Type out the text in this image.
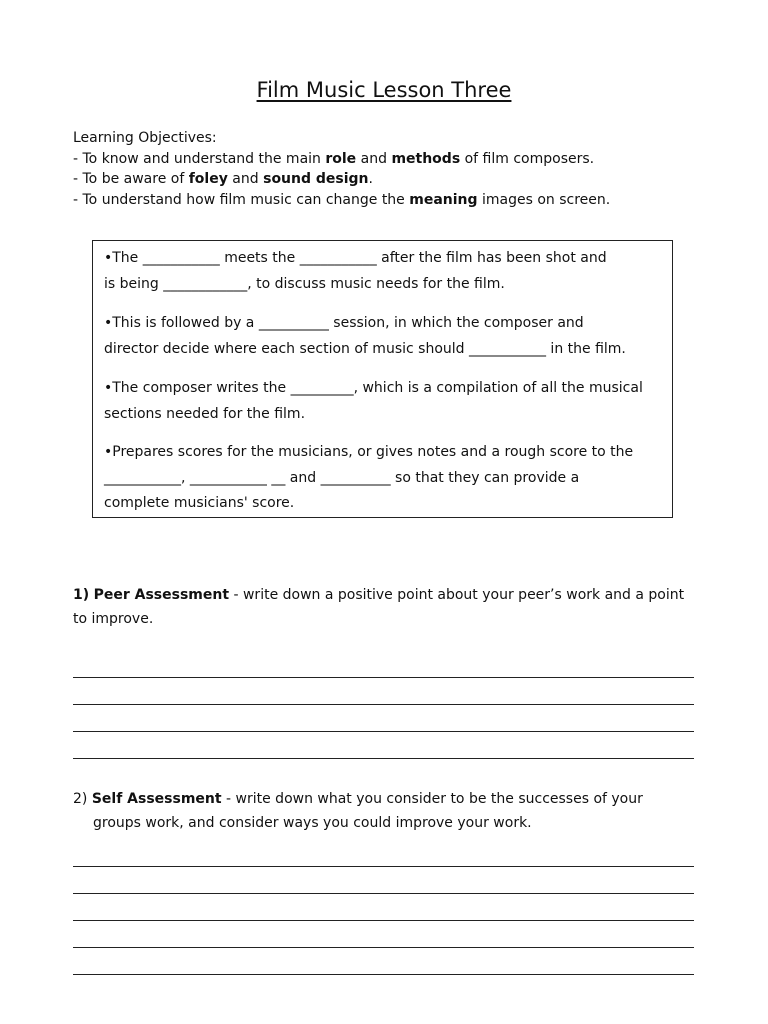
Film Music Lesson Three
Learning Objectives:
- To know and understand the main role and methods of film composers.
- To be aware of foley and sound design.
- To understand how film music can change the meaning images on screen.
•The ___________ meets the ___________ after the film has been shot and
is being ____________, to discuss music needs for the film.
•This is followed by a __________ session, in which the composer and
director decide where each section of music should ___________ in the film.
•The composer writes the _________, which is a compilation of all the musical
sections needed for the film.
•Prepares scores for the musicians, or gives notes and a rough score to the
___________, ___________ __ and __________ so that they can provide a
complete musicians' score.
1) Peer Assessment - write down a positive point about your peer’s work and a point
to improve.
2) Self Assessment - write down what you consider to be the successes of your
groups work, and consider ways you could improve your work.
